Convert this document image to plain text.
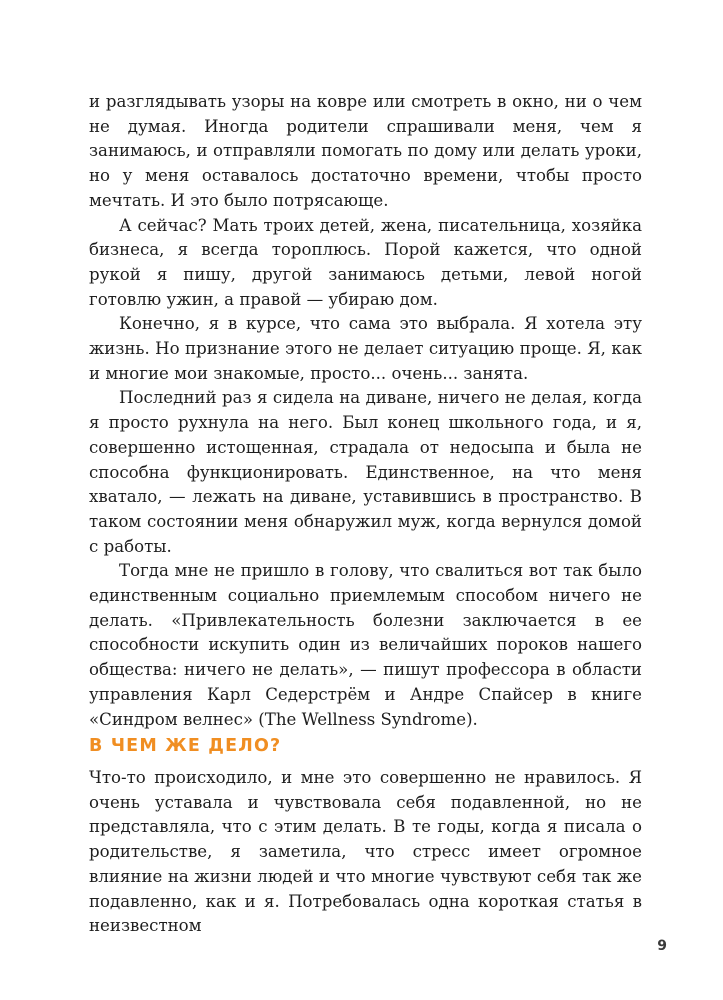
и разглядывать узоры на ковре или смотреть в окно, ни о чем не думая. Иногда родители спрашивали меня, чем я занимаюсь, и отправляли помогать по дому или делать уроки, но у меня оставалось достаточно времени, чтобы просто мечтать. И это было потрясающе.

А сейчас? Мать троих детей, жена, писательница, хозяйка бизнеса, я всегда тороплюсь. Порой кажется, что одной рукой я пишу, другой занимаюсь детьми, левой ногой готовлю ужин, а правой — убираю дом.

Конечно, я в курсе, что сама это выбрала. Я хотела эту жизнь. Но признание этого не делает ситуацию проще. Я, как и многие мои знакомые, просто... очень... занята.

Последний раз я сидела на диване, ничего не делая, когда я просто рухнула на него. Был конец школьного года, и я, совершенно истощенная, страдала от недосыпа и была не способна функционировать. Единственное, на что меня хватало, — лежать на диване, уставившись в пространство. В таком состоянии меня обнаружил муж, когда вернулся домой с работы.

Тогда мне не пришло в голову, что свалиться вот так было единственным социально приемлемым способом ничего не делать. «Привлекательность болезни заключается в ее способности искупить один из величайших пороков нашего общества: ничего не делать», — пишут профессора в области управления Карл Седерстрём и Андре Спайсер в книге «Синдром велнес» (The Wellness Syndrome).

В ЧЕМ ЖЕ ДЕЛО?

Что-то происходило, и мне это совершенно не нравилось. Я очень уставала и чувствовала себя подавленной, но не представляла, что с этим делать. В те годы, когда я писала о родительстве, я заметила, что стресс имеет огромное влияние на жизни людей и что многие чувствуют себя так же подавленно, как и я. Потребовалась одна короткая статья в неизвестном

9
